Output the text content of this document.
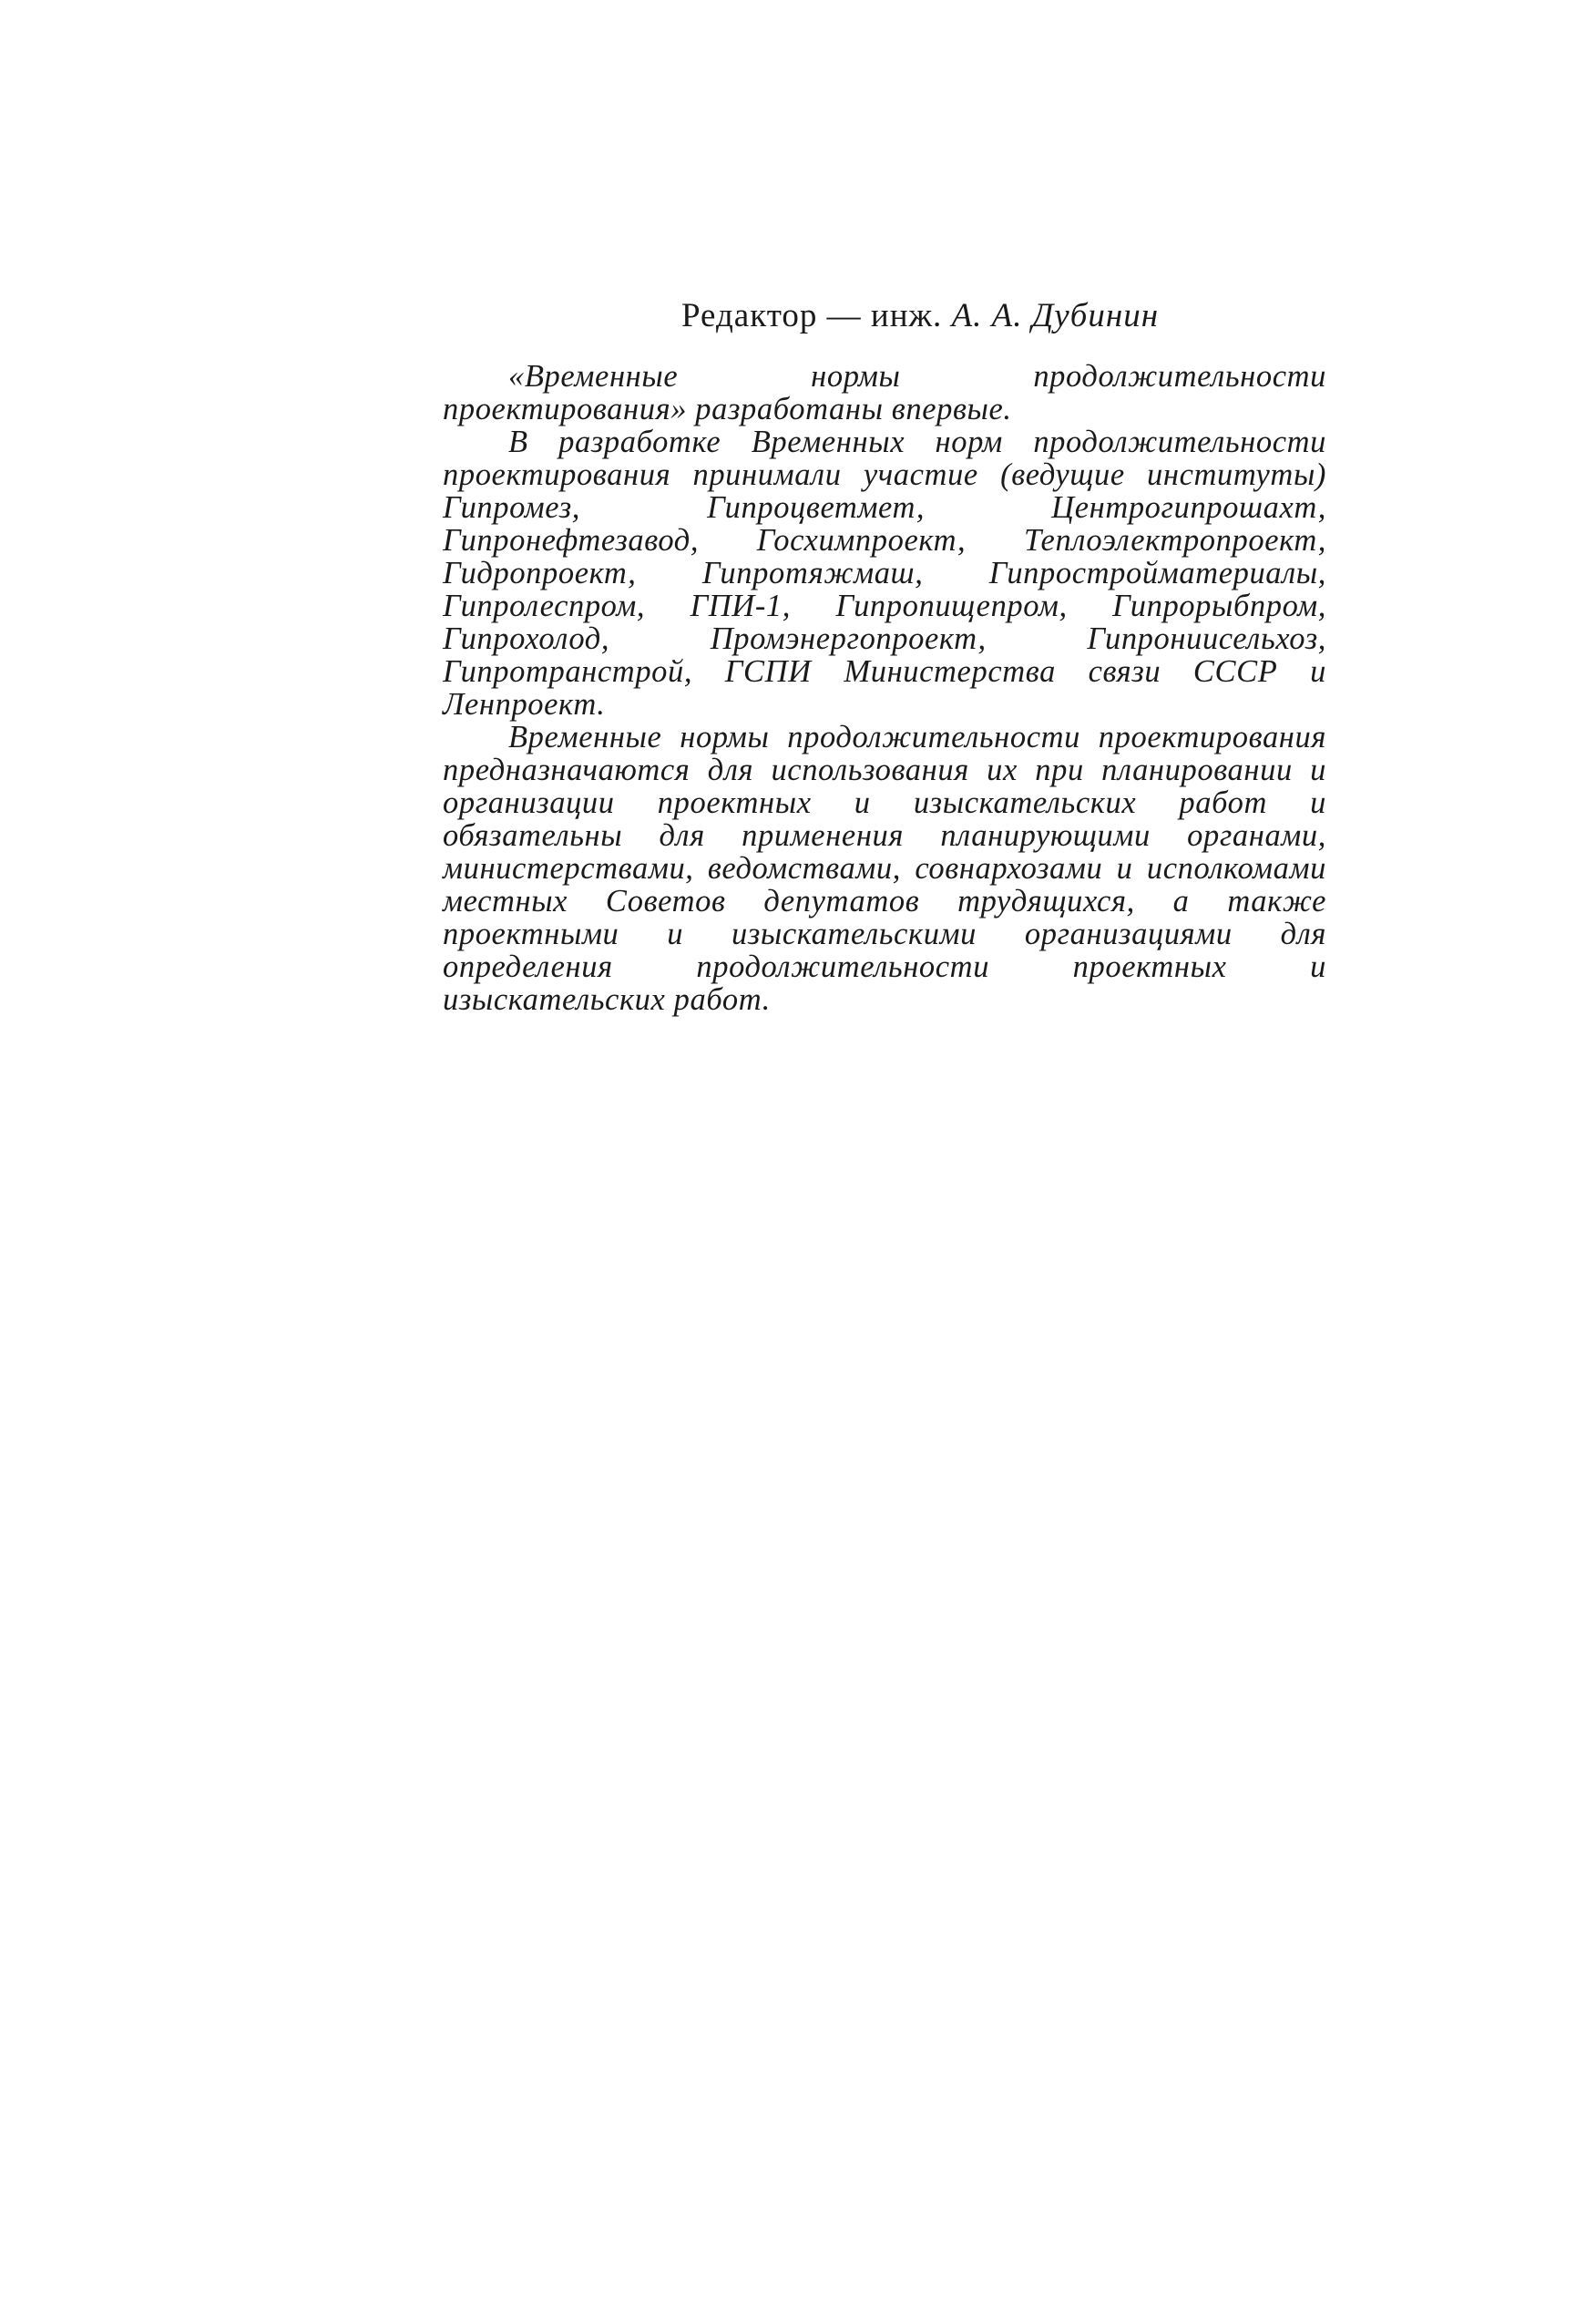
Редактор — инж. А. А. Дубинин

«Временные нормы продолжительности проектирования» разработаны впервые.

В разработке Временных норм продолжительности проектирования принимали участие (ведущие институты) Гипромез, Гипроцветмет, Центрогипрошахт, Гипронефтезавод, Госхимпроект, Теплоэлектропроект, Гидропроект, Гипротяжмаш, Гипростройматериалы, Гипролеспром, ГПИ-1, Гипропищепром, Гипрорыбпром, Гипрохолод, Промэнергопроект, Гипрониисельхоз, Гипротранстрой, ГСПИ Министерства связи СССР и Ленпроект.

Временные нормы продолжительности проектирования предназначаются для использования их при планировании и организации проектных и изыскательских работ и обязательны для применения планирующими органами, министерствами, ведомствами, совнархозами и исполкомами местных Советов депутатов трудящихся, а также проектными и изыскательскими организациями для определения продолжительности проектных и изыскательских работ.
